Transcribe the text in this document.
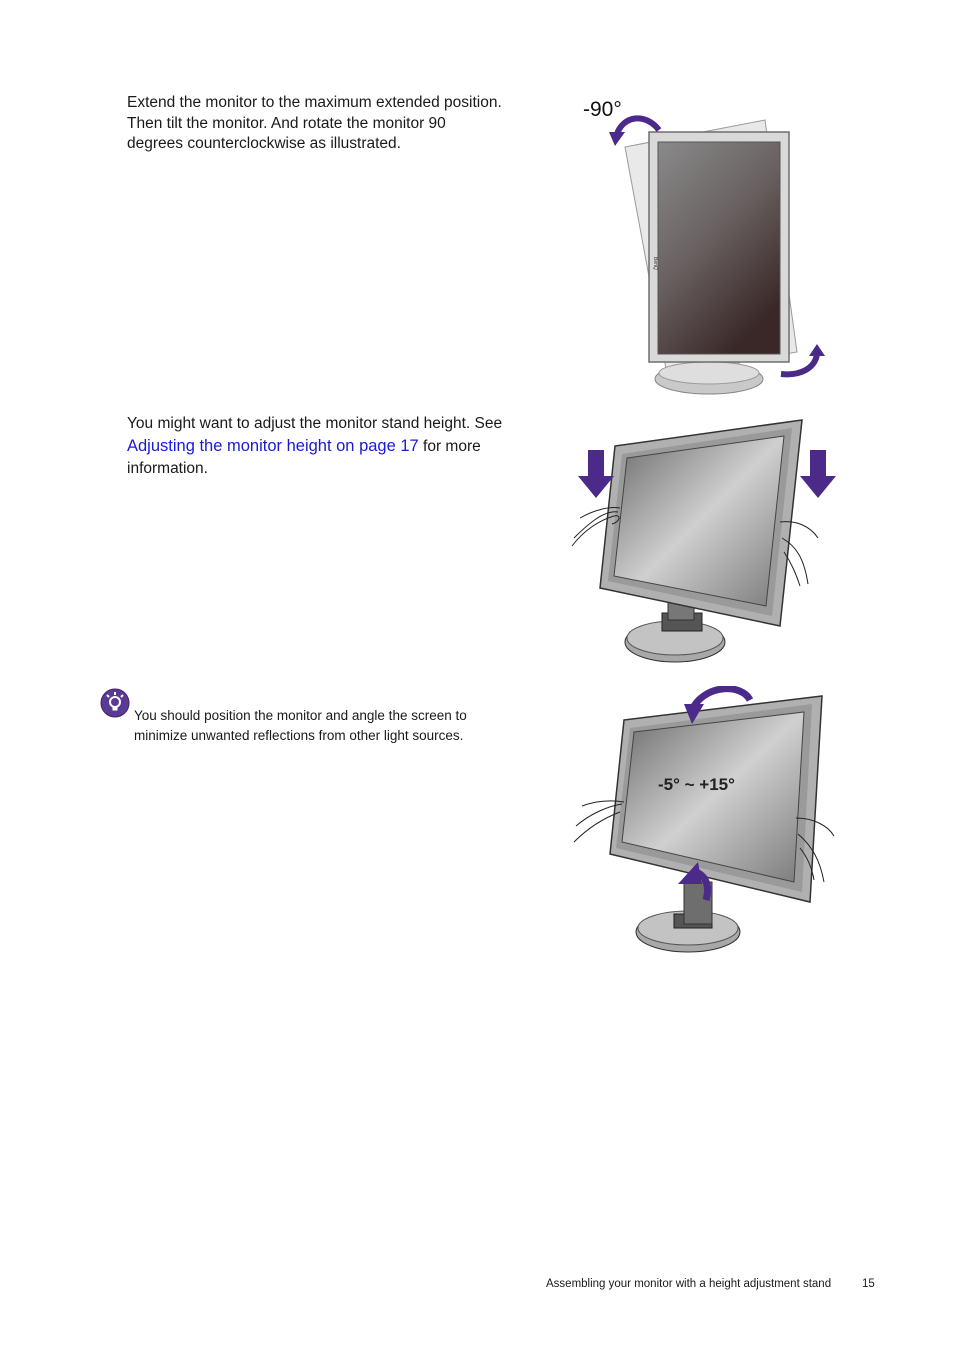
Extend the monitor to the maximum extended position.

Then tilt the monitor. And rotate the monitor 90

degrees counterclockwise as illustrated.

You might want to adjust the monitor stand height. See

Adjusting the monitor height on page 17 for more

information.

You should position the monitor and angle the screen to
minimize unwanted reflections from other light sources.
-90°
BenQ
-5° ~ +15°
Assembling your monitor with a height adjustment stand	15
